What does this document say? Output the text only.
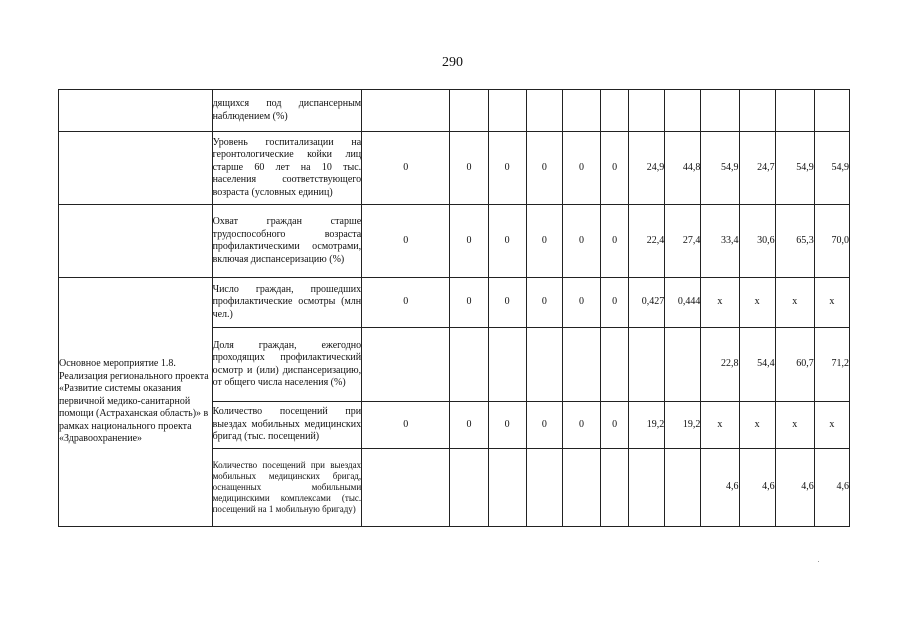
290
	дящихся под диспансерным наблюдением (%)												
	Уровень госпитализации на геронтологические койки лиц старше 60 лет на 10 тыс. населения соответствующего возраста (условных единиц)	0	0	0	0	0	0	24,9	44,8	54,9	24,7	54,9	54,9
	Охват граждан старше трудоспособного возраста профилактическими осмотрами, включая диспансеризацию (%)	0	0	0	0	0	0	22,4	27,4	33,4	30,6	65,3	70,0
Основное мероприятие 1.8. Реализация регионального проекта «Развитие системы оказания первичной медико-санитарной помощи (Астраханская область)» в рамках национального проекта «Здравоохранение»	Число граждан, прошедших профилактические осмотры (млн чел.)	0	0	0	0	0	0	0,427	0,444	х	х	х	х
	Доля граждан, ежегодно проходящих профилактический осмотр и (или) диспансеризацию, от общего числа населения (%)									22,8	54,4	60,7	71,2
	Количество посещений при выездах мобильных медицинских бригад (тыс. посещений)	0	0	0	0	0	0	19,2	19,2	х	х	х	х
	Количество посещений при выездах мобильных медицинских бригад, оснащенных мобильными медицинскими комплексами (тыс. посещений на 1 мобильную бригаду)									4,6	4,6	4,6	4,6
